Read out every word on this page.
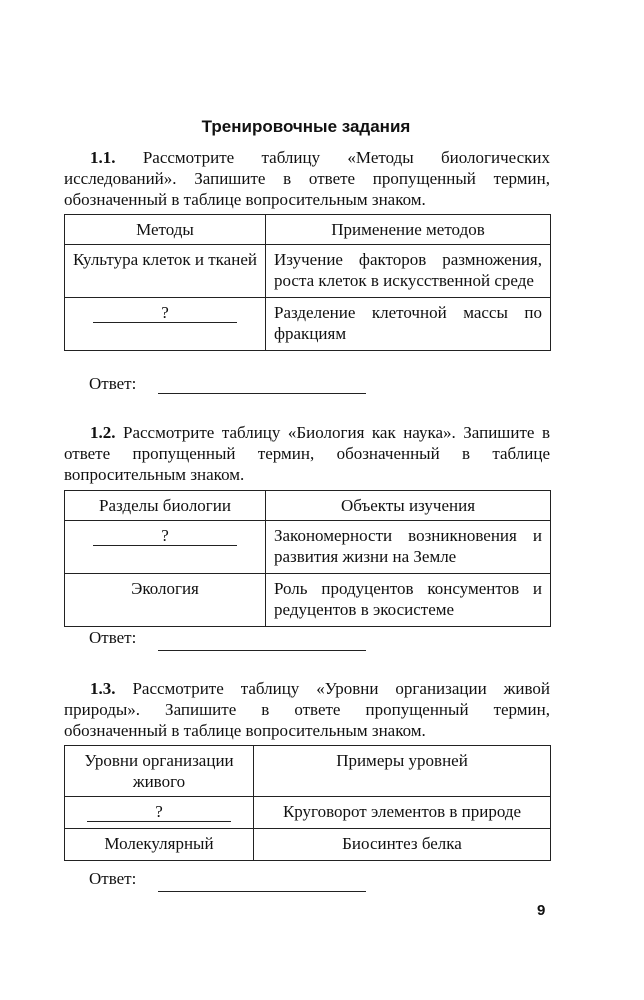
Тренировочные задания

1.1. Рассмотрите таблицу «Методы биологических исследований». Запишите в ответе пропущенный термин, обозначенный в таблице вопросительным знаком.

Методы	Применение методов
Культура клеток и тканей	Изучение факторов размножения, роста клеток в искусственной среде
?	Разделение клеточной массы по фракциям
Ответ:

1.2. Рассмотрите таблицу «Биология как наука». Запишите в ответе пропущенный термин, обозначенный в таблице вопросительным знаком.

Разделы биологии	Объекты изучения
?	Закономерности возникновения и развития жизни на Земле
Экология	Роль продуцентов консументов и редуцентов в экосистеме
Ответ:

1.3. Рассмотрите таблицу «Уровни организации живой природы». Запишите в ответе пропущенный термин, обозначенный в таблице вопросительным знаком.

Уровни организации живого	Примеры уровней
?	Круговорот элементов в природе
Молекулярный	Биосинтез белка
Ответ:
9
